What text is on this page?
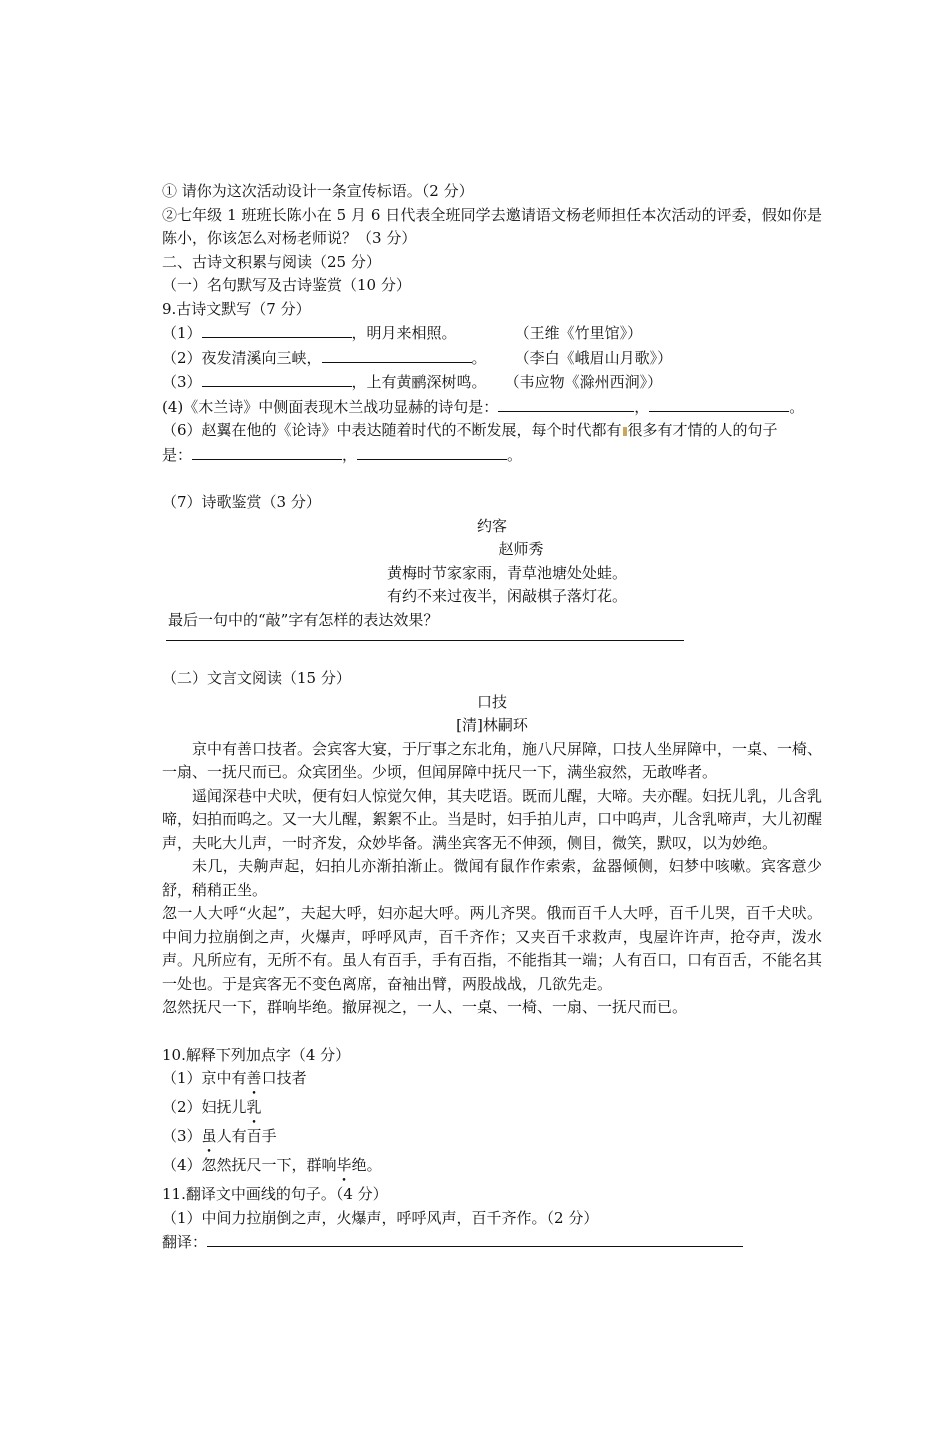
① 请你为这次活动设计一条宣传标语。（2 分）
②七年级 1 班班长陈小在 5 月 6 日代表全班同学去邀请语文杨老师担任本次活动的评委，假如你是陈小，你该怎么对杨老师说？（3 分）
二、古诗文积累与阅读（25 分）
（一）名句默写及古诗鉴赏（10 分）
9.古诗文默写（7 分）
（1）	，明月来相照。	（王维《竹里馆》）
（2）夜发清溪向三峡，	。 （李白《峨眉山月歌》）
（3）	，上有黄鹂深树鸣。 （韦应物《滁州西涧》）
(4)《木兰诗》中侧面表现木兰战功显赫的诗句是：	，	。
（6）赵翼在他的《论诗》中表达随着时代的不断发展，每个时代都有 很多有才情的人的句子
是：	，	。
（7）诗歌鉴赏（3 分）
约客
赵师秀
黄梅时节家家雨，青草池塘处处蛙。
有约不来过夜半，闲敲棋子落灯花。
最后一句中的“敲”字有怎样的表达效果？
（二）文言文阅读（15 分）
口技
[清]林嗣环
京中有善口技者。会宾客大宴，于厅事之东北角，施八尺屏障，口技人坐屏障中，一桌、一椅、一扇、一抚尺而已。众宾团坐。少顷，但闻屏障中抚尺一下，满坐寂然，无敢哗者。
遥闻深巷中犬吠，便有妇人惊觉欠伸，其夫呓语。既而儿醒，大啼。夫亦醒。妇抚儿乳，儿含乳啼，妇拍而呜之。又一大儿醒，絮絮不止。当是时，妇手拍儿声，口中呜声，儿含乳啼声，大儿初醒声，夫叱大儿声，一时齐发，众妙毕备。满坐宾客无不伸颈，侧目，微笑，默叹，以为妙绝。
未几，夫齁声起，妇拍儿亦渐拍渐止。微闻有鼠作作索索，盆器倾侧，妇梦中咳嗽。宾客意少舒，稍稍正坐。
忽一人大呼“火起”，夫起大呼，妇亦起大呼。两儿齐哭。俄而百千人大呼，百千儿哭，百千犬吠。中间力拉崩倒之声，火爆声，呼呼风声，百千齐作；又夹百千求救声，曳屋许许声，抢夺声，泼水声。凡所应有，无所不有。虽人有百手，手有百指，不能指其一端；人有百口，口有百舌，不能名其一处也。于是宾客无不变色离席，奋袖出臂，两股战战，几欲先走。
忽然抚尺一下，群响毕绝。撤屏视之，一人、一桌、一椅、一扇、一抚尺而已。
10.解释下列加点字（4 分）
（1）京中有善口技者
（2）妇抚儿乳
（3）虽人有百手
（4）忽然抚尺一下，群响毕绝。
11.翻译文中画线的句子。（4 分）
（1）中间力拉崩倒之声，火爆声，呼呼风声，百千齐作。（2 分）
翻译：
